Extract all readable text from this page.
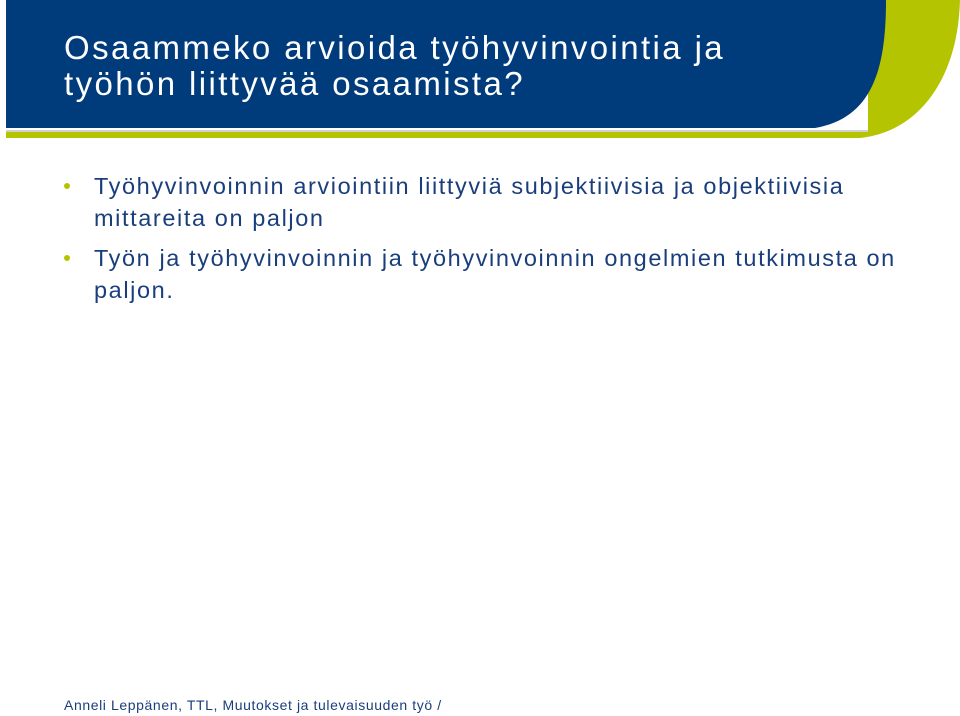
Osaammeko arvioida työhyvinvointia ja työhön liittyvää osaamista?
Työhyvinvoinnin arviointiin liittyviä subjektiivisia ja objektiivisia mittareita on paljon
Työn ja työhyvinvoinnin ja työhyvinvoinnin ongelmien tutkimusta on paljon.
Anneli Leppänen, TTL, Muutokset ja tulevaisuuden työ /
